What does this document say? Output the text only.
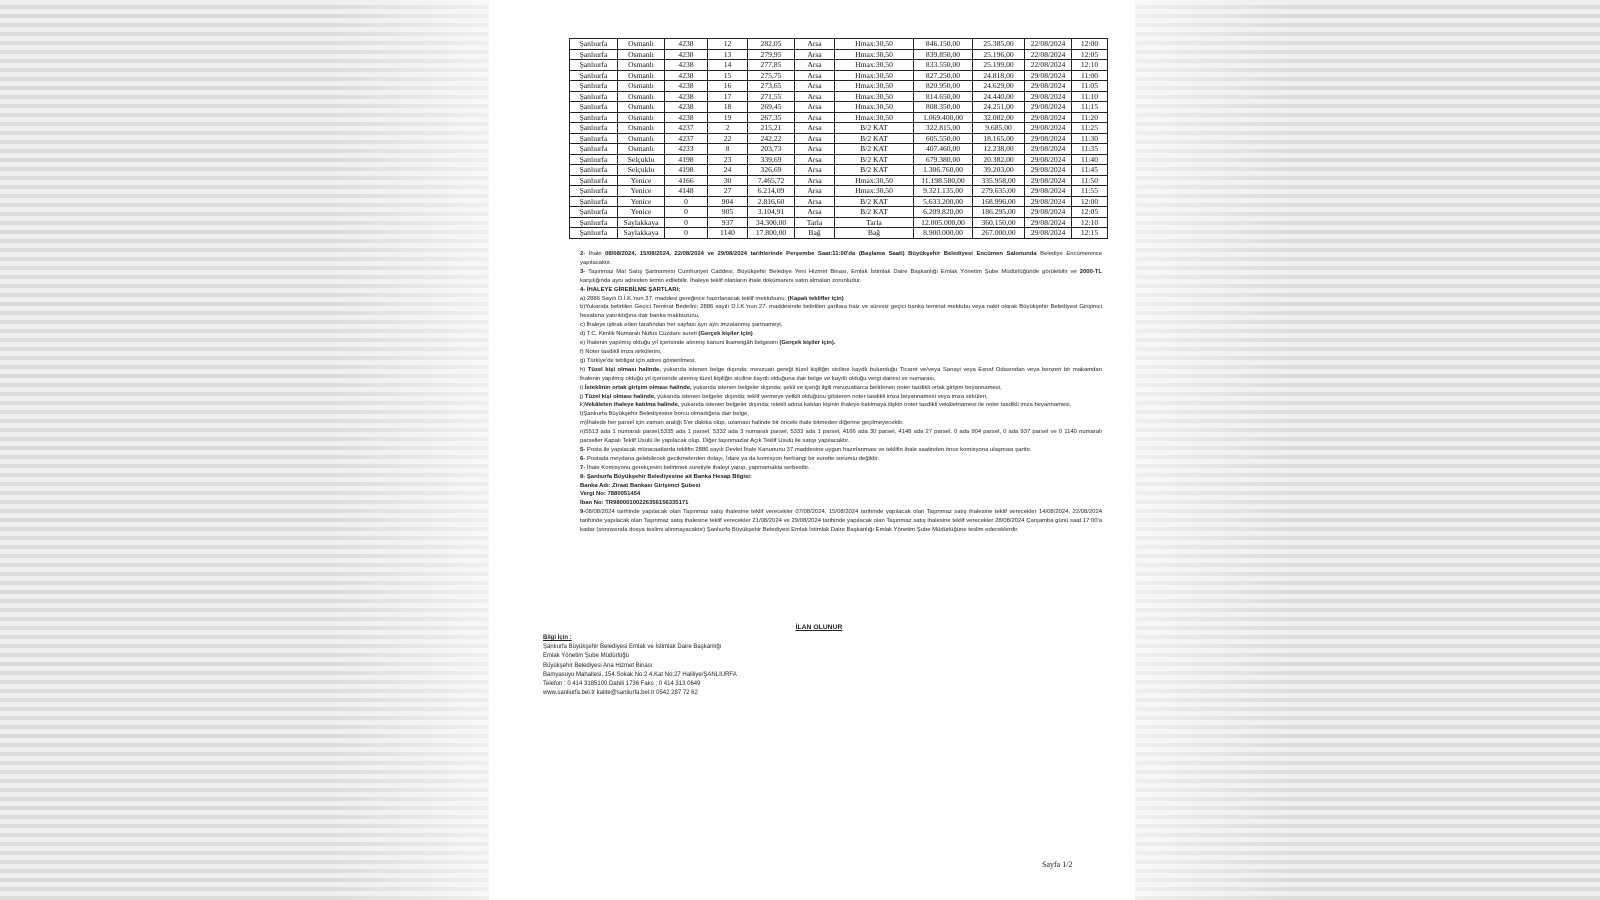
Şanlıurfa	Osmanlı	4238	12	282,05	Arsa	Hmax:30,50	846.150,00	25.385,00	22/08/2024	12:00
Şanlıurfa	Osmanlı	4238	13	279,95	Arsa	Hmax:30,50	839.850,00	25.196,00	22/08/2024	12:05
Şanlıurfa	Osmanlı	4238	14	277,85	Arsa	Hmax:30,50	833.550,00	25.199,00	22/08/2024	12:10
Şanlıurfa	Osmanlı	4238	15	275,75	Arsa	Hmax:30,50	827.250,00	24.818,00	29/08/2024	11:00
Şanlıurfa	Osmanlı	4238	16	273,65	Arsa	Hmax:30,50	820.950,00	24.629,00	29/08/2024	11:05
Şanlıurfa	Osmanlı	4238	17	271,55	Arsa	Hmax:30,50	814.650,00	24.440,00	29/08/2024	11:10
Şanlıurfa	Osmanlı	4238	18	269,45	Arsa	Hmax:30,50	808.350,00	24.251,00	29/08/2024	11:15
Şanlıurfa	Osmanlı	4238	19	267,35	Arsa	Hmax:30,50	1.069.400,00	32.082,00	29/08/2024	11:20
Şanlıurfa	Osmanlı	4237	2	215,21	Arsa	B/2 KAT	322.815,00	9.685,00	29/08/2024	11:25
Şanlıurfa	Osmanlı	4237	22	242,22	Arsa	B/2 KAT	605.550,00	18.165,00	29/08/2024	11:30
Şanlıurfa	Osmanlı	4233	8	203,73	Arsa	B/2 KAT	407.460,00	12.238,00	29/08/2024	11:35
Şanlıurfa	Selçuklu	4198	23	339,69	Arsa	B/2 KAT	679.380,00	20.382,00	29/08/2024	11:40
Şanlıurfa	Selçuklu	4198	24	326,69	Arsa	B/2 KAT	1.306.760,00	39.203,00	29/08/2024	11:45
Şanlıurfa	Yenice	4166	30	7.465,72	Arsa	Hmax:30,50	11.198.580,00	335.958,00	29/08/2024	11:50
Şanlıurfa	Yenice	4148	27	6.214,09	Arsa	Hmax:30,50	9.321.135,00	279.635,00	29/08/2024	11:55
Şanlıurfa	Yenice	0	904	2.816,60	Arsa	B/2 KAT	5.633.200,00	168.996,00	29/08/2024	12:00
Şanlıurfa	Yenice	0	905	3.104,91	Arsa	B/2 KAT	6.209.820,00	186.295,00	29/08/2024	12:05
Şanlıurfa	Saylakkaya	0	937	34.300,00	Tarla	Tarla	12.005.000,00	360.150,00	29/08/2024	12:10
Şanlıurfa	Saylakkaya	0	1140	17.800,00	Bağ	Bağ	8.900.000,00	267.000,00	29/08/2024	12:15

2- İhale 08/08/2024, 15/08/2024, 22/08/2024 ve 29/08/2024 tarihlerinde Perşembe Saat:11:00'da (Başlama Saati) Büyükşehir Belediyesi Encümen Salonunda Belediye Encümenince yapılacaktır.

3- Taşınmaz Mal Satış Şartnamesi Cumhuriyet Caddesi, Büyükşehir Belediye Yeni Hizmet Binası, Emlak İstimlak Daire Başkanlığı Emlak Yönetim Şube Müdürlüğünde görülebilir ve 2000-TL karşılığında aynı adresten temin edilebilir. İhaleye teklif olanların ihale dokümanını satın almaları zorunludur.

4- İHALEYE GİREBİLME ŞARTLARI;

a) 2886 Sayılı D.İ.K.'nun 37. maddesi gereğince hazırlanacak teklif mektubunu. (Kapalı teklifler için)

b)Yukarıda belirtilen Geçici Teminat Bedelini; 2886 sayılı D.İ.K.'nun 27. maddesinde belirtilen şartlara haiz ve süresiz geçici banka teminat mektubu veya nakit olarak Büyükşehir Belediyesi Girişimci hesabına yatırıldığına dair banka makbuzunu,

c) İhaleye iştirak eden tarafından her sayfası ayrı ayrı imzalanmış şartnameyi,

d) T.C. Kimlik Numaralı Nüfus Cüzdanı sureti (Gerçek kişiler için)

e) İhalenin yapılmış olduğu yıl içerisinde alınmış kanuni ikametgâh belgesini (Gerçek kişiler için).

f) Noter tasdikli imza sirkülerini,

g) Türkiye'de tebligat için adres gösterilmesi,

h) Tüzel kişi olması halinde, yukarıda istenen belge dışında; mevzuatı gereği tüzel kişiliğin siciline kaydlı bulunduğu Ticaret ve/veya Sanayi veya Esnaf Odasından veya benzeri bir makamdan ihalenin yapılmış olduğu yıl içerisinde alınmış tüzel kişiliğin siciline kayıtlı olduğuna dair belge ve kayıtlı olduğu vergi dairesi ve numarası,

i) İsteklinin ortak girişim olması halinde, yukarıda istenen belgeler dışında; şekli ve içeriği ilgili mevzuatlarca belirlenen noter tasdikli ortak girişim beyannamesi,

j) Tüzel kişi olması halinde, yukarıda istenen belgeler dışında; teklif vermeye yetkili olduğunu gösteren noter tasdikli imza beyannamesi veya imza sirküleri,

k)Vekâleten ihaleye katılma halinde, yukarıda istenen belgeler dışında; istekli adına katılan kişinin ihaleye katılmaya ilişkin noter tasdikli vekâletnamesi ile noter tasdikli imza beyannamesi,

l)Şanlıurfa Büyükşehir Belediyesine borcu olmadığına dair belge,

m)İhalede her parsel için zaman aralığı 5'er dakika olup, uzaması halinde bir önceki ihale bitmeden diğerine geçilmeyecektir.

n)5513 ada 1 numaralı parsel,5335 ada 1 parsel, 5332 ada 3 numaralı parsel, 5333 ada 1 parsel, 4166 ada 30 parsel, 4148 ada 27 parsel, 0 ada 904 parsel, 0 ada 937 parsel ve 0 1140 numaralı parseller Kapalı Teklif Usulü ile yapılacak olup. Diğer taşınmazlar Açık Teklif Usulü ile satışı yapılacaktır.

5- Posta ile yapılacak müracaatlarda teklifin 2886 sayılı Devlet İhale Kanununu 37.maddesine uygun hazırlanması ve teklifin ihale saatinden önce komisyona ulaşması şarttır.

6- Postada meydana gelebilecek gecikmelerden dolayı, İdare ya da komisyon herhangi bir surette sorumlu değildir.

7- İhale Komisyonu gerekçesini belirtmek suretiyle ihaleyi yapıp, yapmamakta serbesttir.

8- Şanlıurfa Büyükşehir Belediyesine ait Banka Hesap Bilgisi:

Banka Adı: Ziraat Bankası Girişimci Şubesi

Vergi No: 7880051454

İban No: TR980001002263561563351​71

9-08/08/2024 tarihinde yapılacak olan Taşınmaz satış ihalesine teklif verecekler 07/08/2024, 15/08/2024 tarihinde yapılacak olan Taşınmaz satış ihalesine teklif verecekler 14/08/2024, 22/08/2024 tarihinde yapılacak olan Taşınmaz satış ihalesine teklif verecekler 21/08/2024 ve 29/08/2024 tarihinde yapılacak olan Taşınmaz satış ihalesine teklif verecekler 28/08/2024 Çarşamba günü saat 17:00'a kadar (sonrasında dosya teslimi alınmayacaktır) Şanlıurfa Büyükşehir Belediyesi Emlak İstimlak Daire Başkanlığı Emlak Yönetim Şube Müdürlüğüne teslim edeceklerdir.

İLAN OLUNUR

Bilgi İçin :

Şanlıurfa Büyükşehir Belediyesi Emlak ve İstimlak Daire Başkanlığı

Emlak Yönetim Şube Müdürlüğü

Büyükşehir Belediyesi Ana Hizmet Binası

Bamyasuyu Mahallesi, 154.Sokak No:2 4.Kat No:27 Haliliye/ŞANLIURFA

Telefon : 0 414 3185100 Dahili 1736 Faks : 0 414 313 0649

www.sanliurfa.bel.tr kalite@sanliurfa.bel.tr 0542 287 72 62

Sayfa 1/2
